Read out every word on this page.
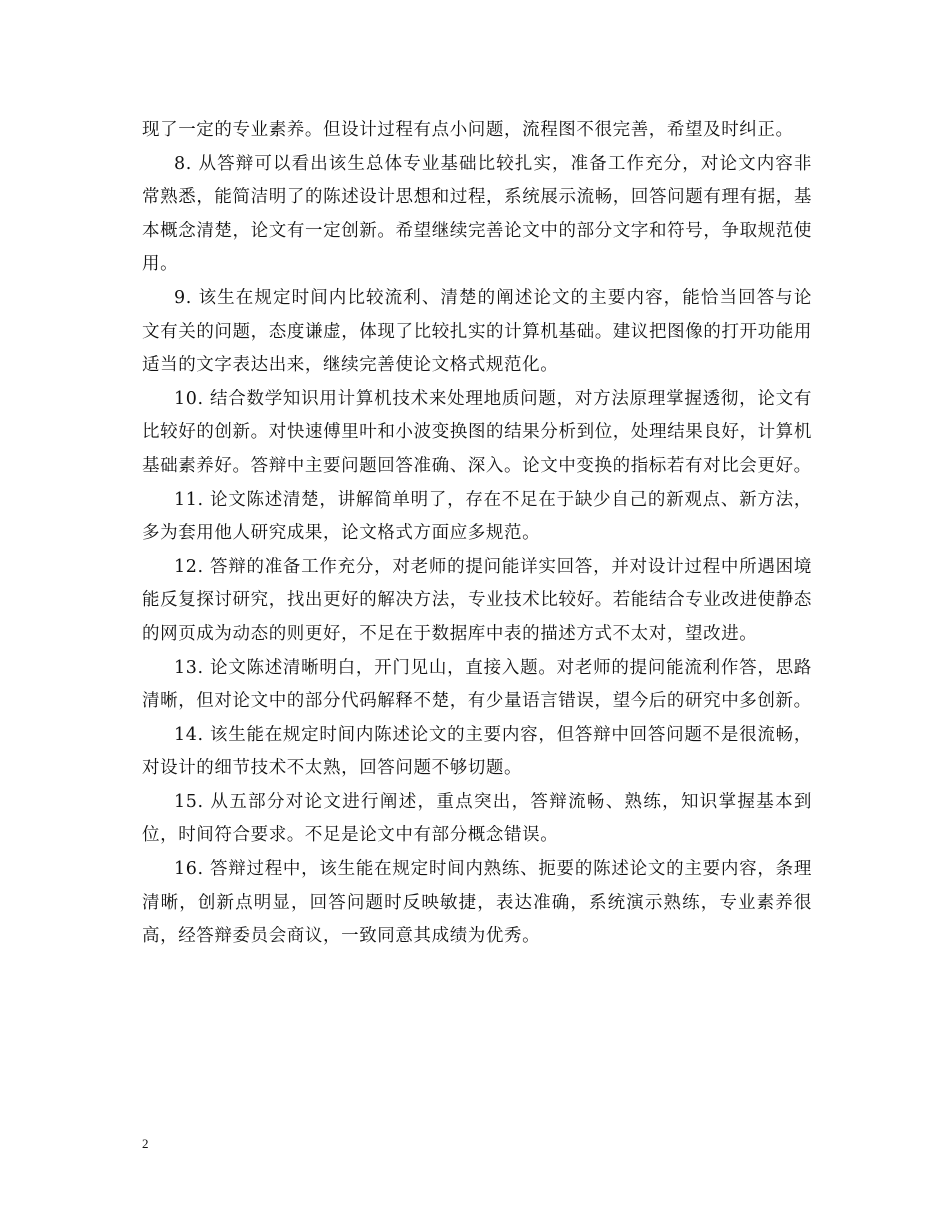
现了一定的专业素养。但设计过程有点小问题，流程图不很完善，希望及时纠正。

8. 从答辩可以看出该生总体专业基础比较扎实，准备工作充分，对论文内容非常熟悉，能简洁明了的陈述设计思想和过程，系统展示流畅，回答问题有理有据，基本概念清楚，论文有一定创新。希望继续完善论文中的部分文字和符号，争取规范使用。

9. 该生在规定时间内比较流利、清楚的阐述论文的主要内容，能恰当回答与论文有关的问题，态度谦虚，体现了比较扎实的计算机基础。建议把图像的打开功能用适当的文字表达出来，继续完善使论文格式规范化。

10. 结合数学知识用计算机技术来处理地质问题，对方法原理掌握透彻，论文有比较好的创新。对快速傅里叶和小波变换图的结果分析到位，处理结果良好，计算机基础素养好。答辩中主要问题回答准确、深入。论文中变换的指标若有对比会更好。

11. 论文陈述清楚，讲解简单明了，存在不足在于缺少自己的新观点、新方法，多为套用他人研究成果，论文格式方面应多规范。

12. 答辩的准备工作充分，对老师的提问能详实回答，并对设计过程中所遇困境能反复探讨研究，找出更好的解决方法，专业技术比较好。若能结合专业改进使静态的网页成为动态的则更好，不足在于数据库中表的描述方式不太对，望改进。

13. 论文陈述清晰明白，开门见山，直接入题。对老师的提问能流利作答，思路清晰，但对论文中的部分代码解释不楚，有少量语言错误，望今后的研究中多创新。

14. 该生能在规定时间内陈述论文的主要内容，但答辩中回答问题不是很流畅，对设计的细节技术不太熟，回答问题不够切题。

15. 从五部分对论文进行阐述，重点突出，答辩流畅、熟练，知识掌握基本到位，时间符合要求。不足是论文中有部分概念错误。

16. 答辩过程中，该生能在规定时间内熟练、扼要的陈述论文的主要内容，条理清晰，创新点明显，回答问题时反映敏捷，表达准确，系统演示熟练，专业素养很高，经答辩委员会商议，一致同意其成绩为优秀。

2
